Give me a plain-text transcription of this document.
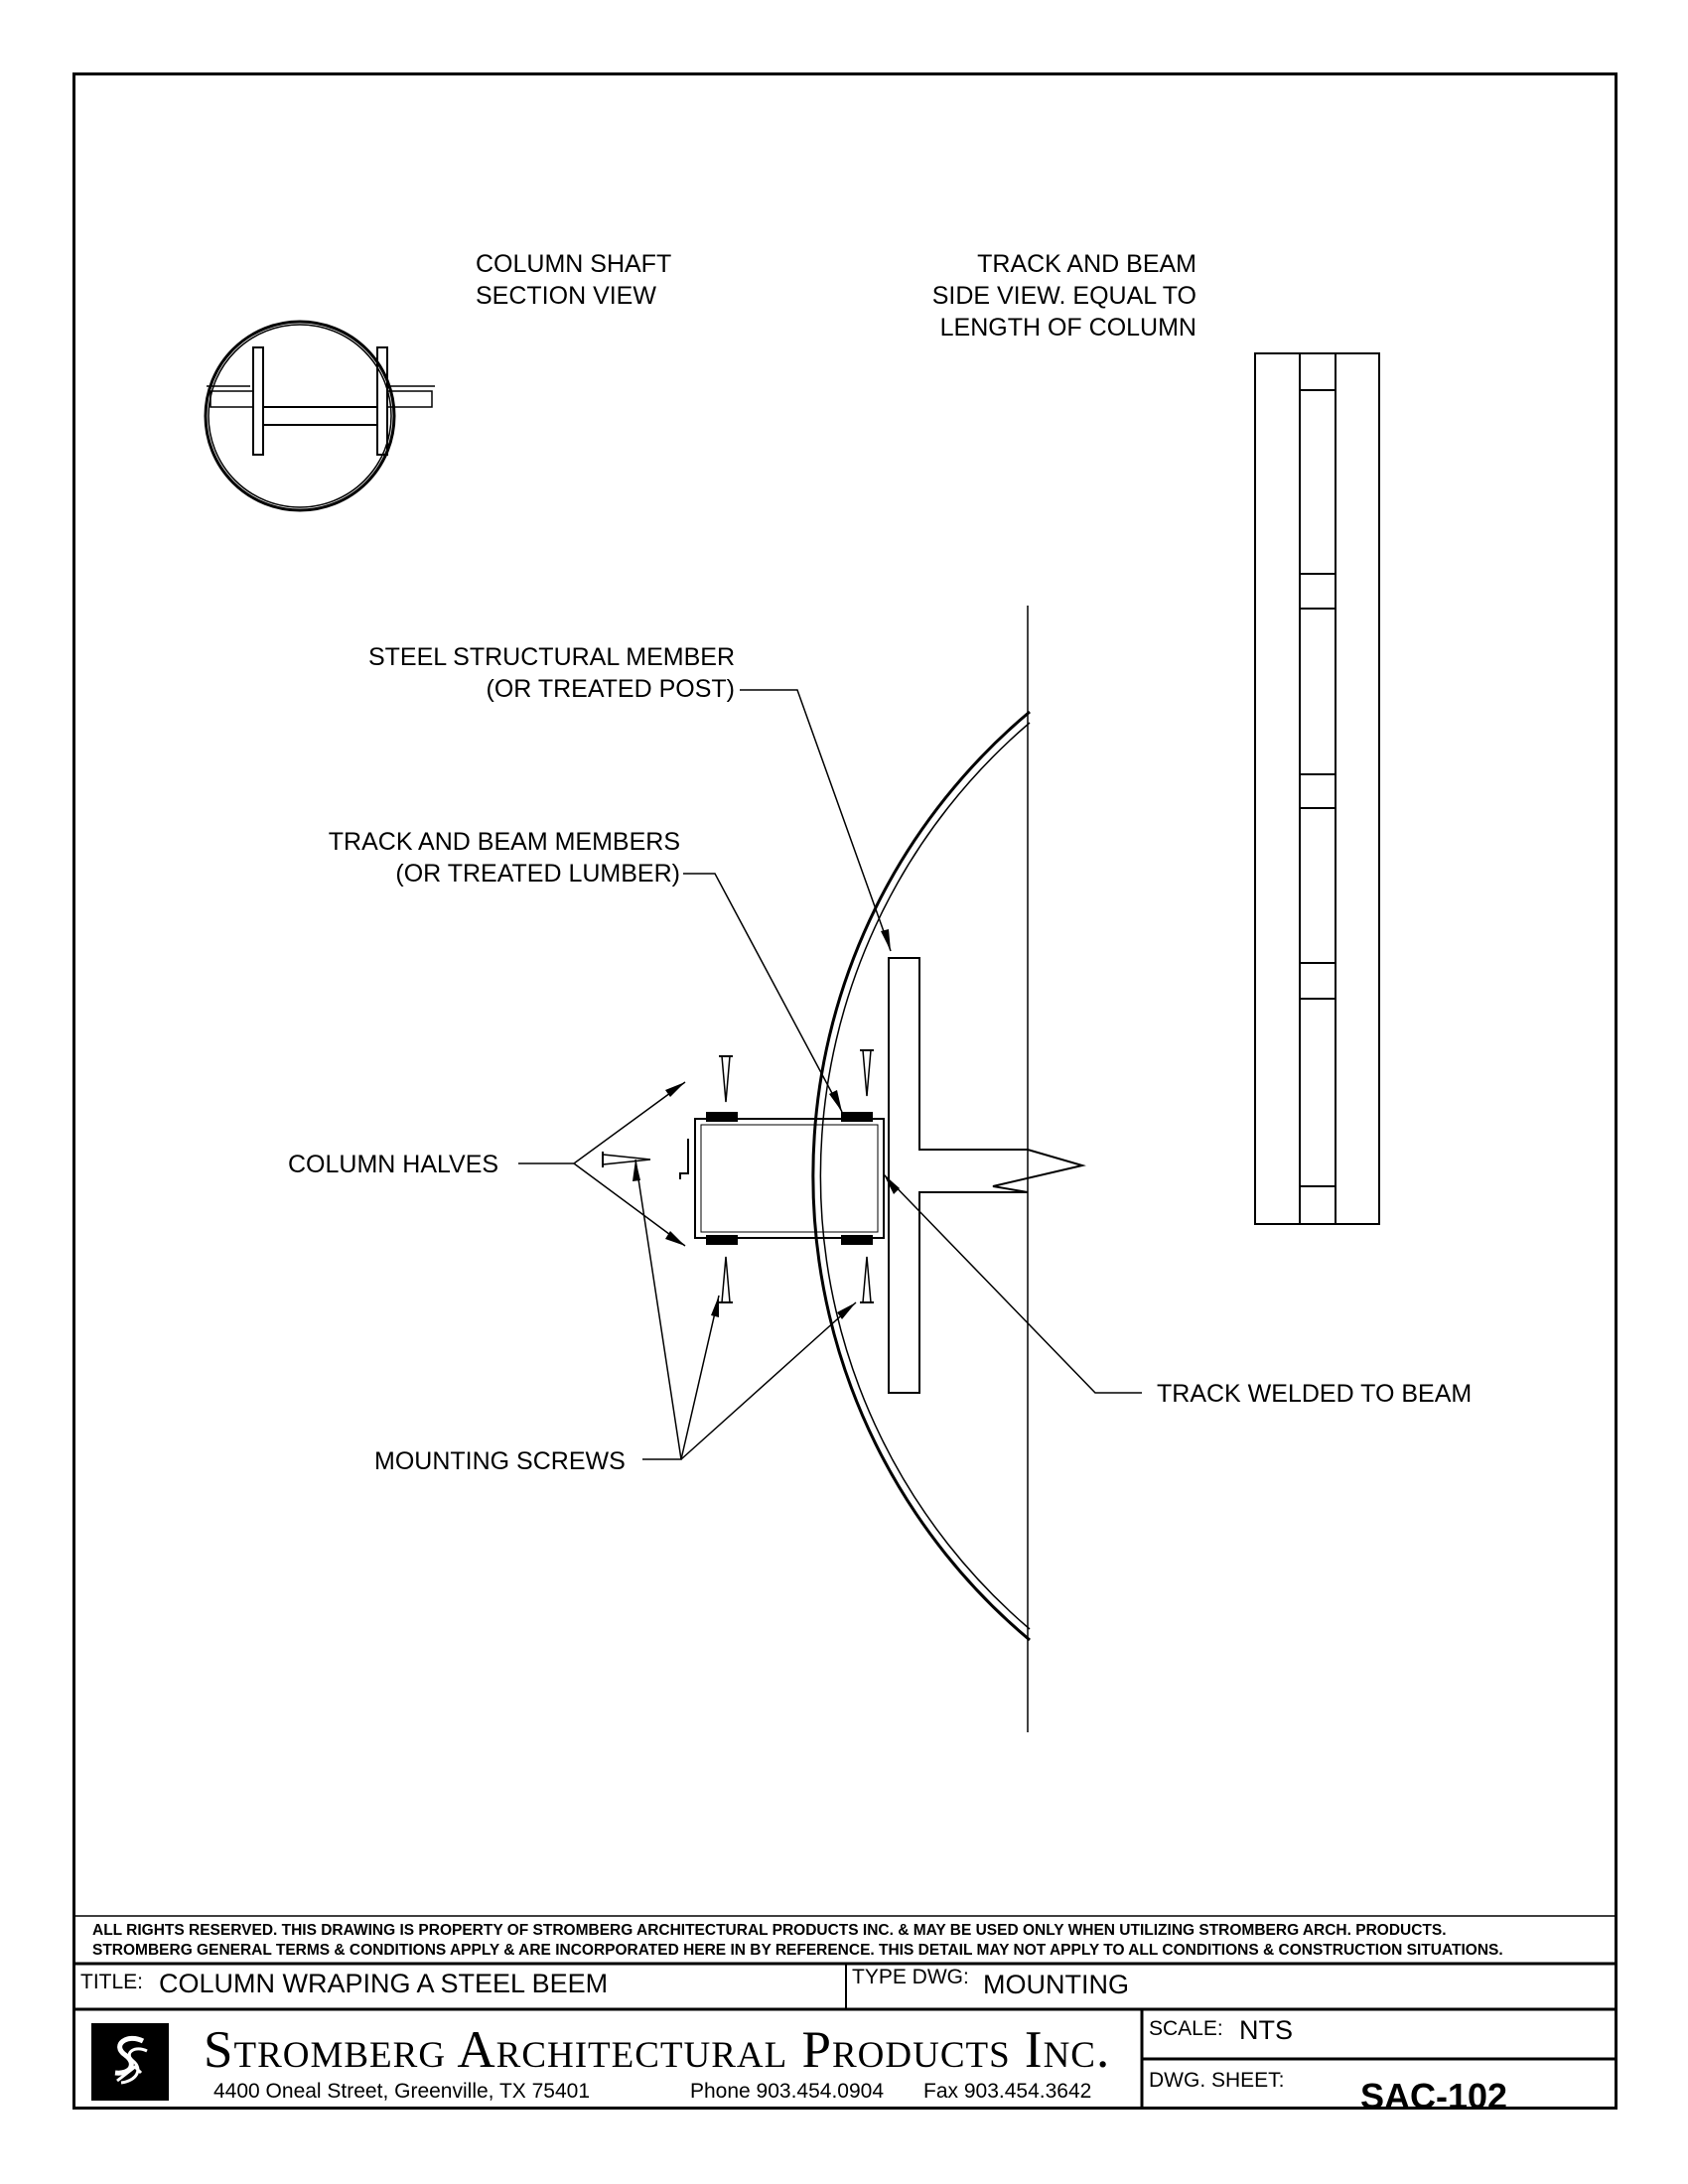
COLUMN SHAFT
SECTION VIEW
TRACK AND BEAM
SIDE VIEW. EQUAL TO
LENGTH OF COLUMN
STEEL STRUCTURAL MEMBER
(OR TREATED POST)
TRACK AND BEAM MEMBERS
(OR TREATED LUMBER)
COLUMN HALVES
MOUNTING SCREWS
TRACK WELDED TO BEAM
ALL RIGHTS RESERVED. THIS DRAWING IS PROPERTY OF STROMBERG ARCHITECTURAL PRODUCTS INC. & MAY BE USED ONLY WHEN UTILIZING STROMBERG ARCH. PRODUCTS.
STROMBERG GENERAL TERMS & CONDITIONS APPLY & ARE INCORPORATED HERE IN BY REFERENCE. THIS DETAIL MAY NOT APPLY TO ALL CONDITIONS & CONSTRUCTION SITUATIONS.
TITLE: COLUMN WRAPING A STEEL BEEM	TYPE DWG: MOUNTING
Stromberg Architectural Products Inc.
4400 Oneal Street, Greenville, TX 75401	Phone 903.454.0904 Fax 903.454.3642
SCALE: NTS
DWG. SHEET: SAC-102
